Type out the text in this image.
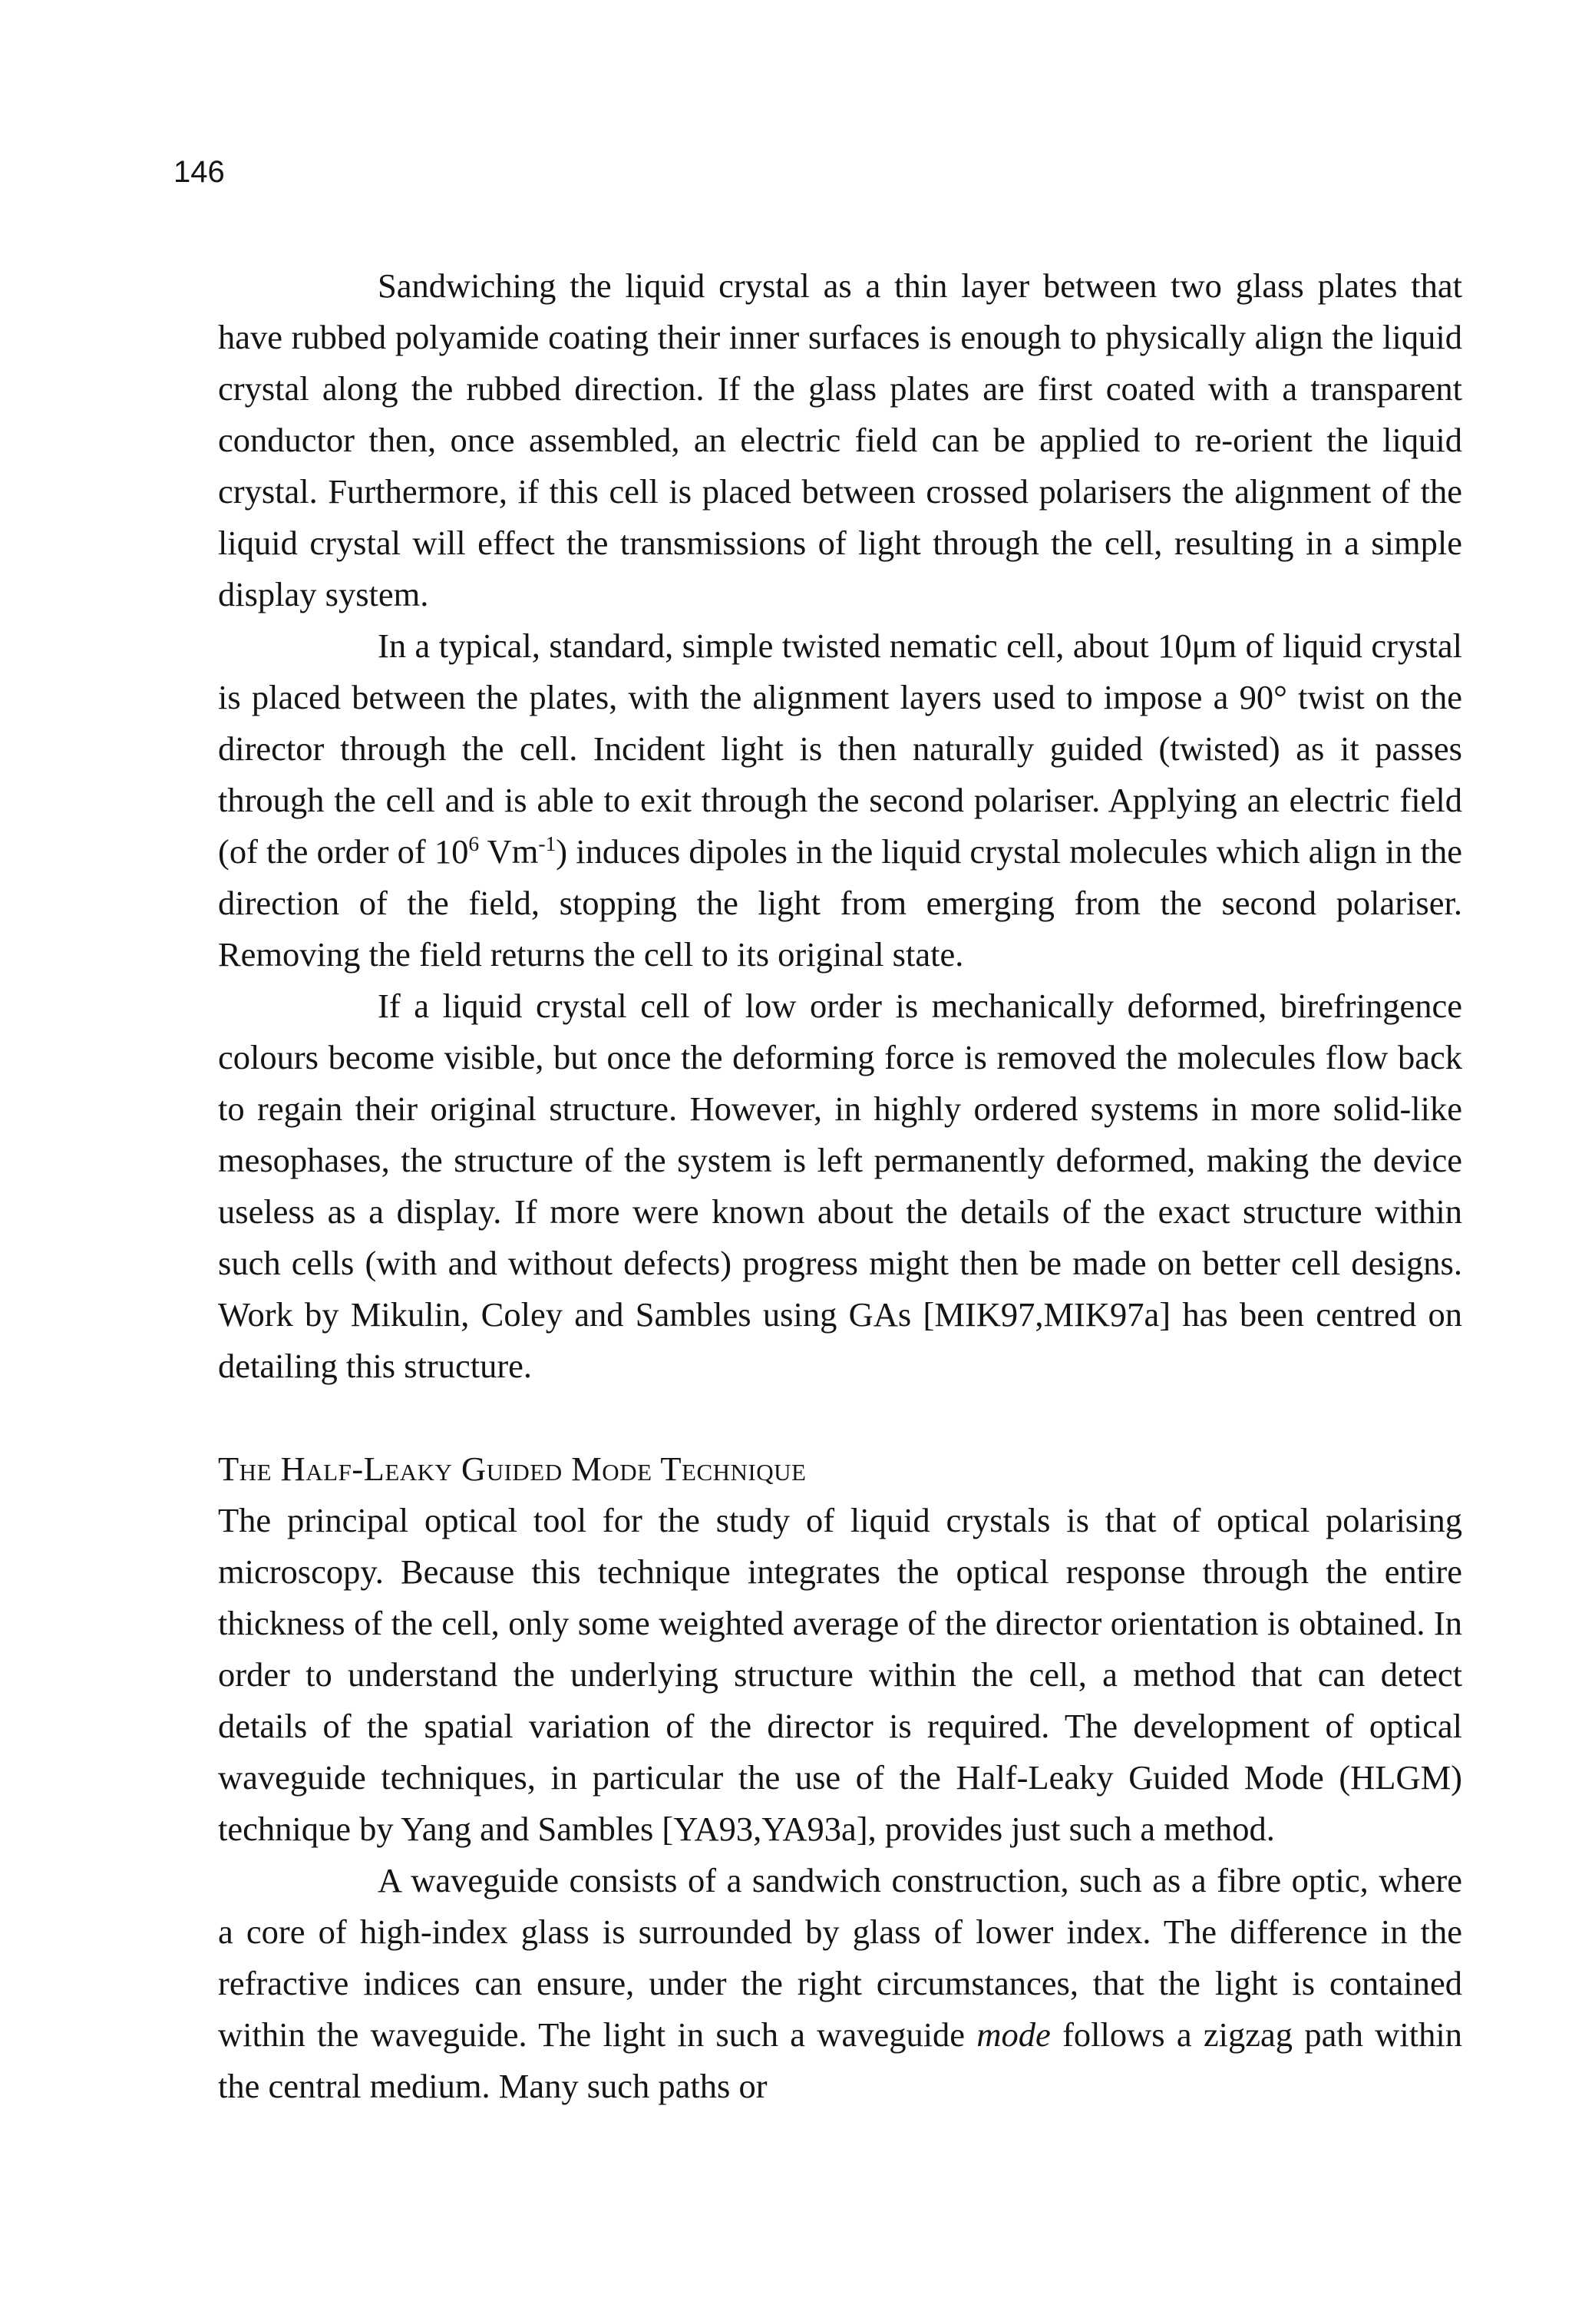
146

Sandwiching the liquid crystal as a thin layer between two glass plates that have rubbed polyamide coating their inner surfaces is enough to physically align the liquid crystal along the rubbed direction. If the glass plates are first coated with a transparent conductor then, once assembled, an electric field can be applied to re-orient the liquid crystal. Furthermore, if this cell is placed between crossed polarisers the alignment of the liquid crystal will effect the transmissions of light through the cell, resulting in a simple display system.

In a typical, standard, simple twisted nematic cell, about 10μm of liquid crystal is placed between the plates, with the alignment layers used to impose a 90° twist on the director through the cell. Incident light is then naturally guided (twisted) as it passes through the cell and is able to exit through the second polariser. Applying an electric field (of the order of $10^6$ $Vm^{-1}$) induces dipoles in the liquid crystal molecules which align in the direction of the field, stopping the light from emerging from the second polariser. Removing the field returns the cell to its original state.

If a liquid crystal cell of low order is mechanically deformed, birefringence colours become visible, but once the deforming force is removed the molecules flow back to regain their original structure. However, in highly ordered systems in more solid-like mesophases, the structure of the system is left permanently deformed, making the device useless as a display. If more were known about the details of the exact structure within such cells (with and without defects) progress might then be made on better cell designs. Work by Mikulin, Coley and Sambles using GAs [MIK97,MIK97a] has been centred on detailing this structure.

The Half-Leaky Guided Mode Technique

The principal optical tool for the study of liquid crystals is that of optical polarising microscopy. Because this technique integrates the optical response through the entire thickness of the cell, only some weighted average of the director orientation is obtained. In order to understand the underlying structure within the cell, a method that can detect details of the spatial variation of the director is required. The development of optical waveguide techniques, in particular the use of the Half-Leaky Guided Mode (HLGM) technique by Yang and Sambles [YA93,YA93a], provides just such a method.

A waveguide consists of a sandwich construction, such as a fibre optic, where a core of high-index glass is surrounded by glass of lower index. The difference in the refractive indices can ensure, under the right circumstances, that the light is contained within the waveguide. The light in such a waveguide mode follows a zigzag path within the central medium. Many such paths or
